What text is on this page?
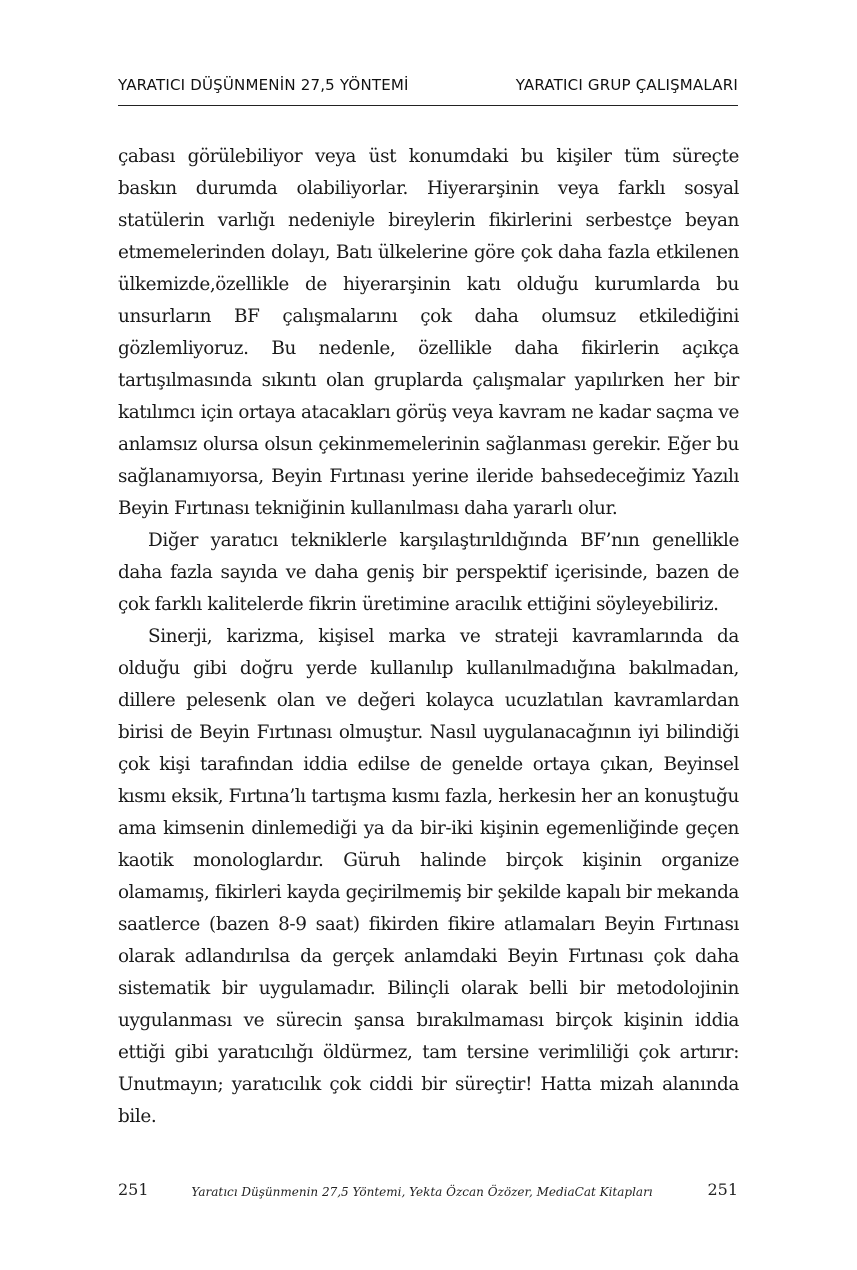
YARATICI DÜŞÜNMENİN 27,5 YÖNTEMİ	YARATICI GRUP ÇALIŞMALARI

çabası görülebiliyor veya üst konumdaki bu kişiler tüm süreçte baskın durumda olabiliyorlar. Hiyerarşinin veya farklı sosyal statülerin varlığı nedeniyle bireylerin fikirlerini serbestçe beyan etmemelerinden dolayı, Batı ülkelerine göre çok daha fazla etkilenen ülkemizde,özellikle de hiyerarşinin katı olduğu kurumlarda bu unsurların BF çalışmalarını çok daha olumsuz etkilediğini gözlemliyoruz. Bu nedenle, özellikle daha fikirlerin açıkça tartışılmasında sıkıntı olan gruplarda çalışmalar yapılırken her bir katılımcı için ortaya atacakları görüş veya kavram ne kadar saçma ve anlamsız olursa olsun çekinmemelerinin sağlanması gerekir. Eğer bu sağlanamıyorsa, Beyin Fırtınası yerine ileride bahsedeceğimiz Yazılı Beyin Fırtınası tekniğinin kullanılması daha yararlı olur.

Diğer yaratıcı tekniklerle karşılaştırıldığında BF’nın genellikle daha fazla sayıda ve daha geniş bir perspektif içerisinde, bazen de çok farklı kalitelerde fikrin üretimine aracılık ettiğini söyleyebiliriz.

Sinerji, karizma, kişisel marka ve strateji kavramlarında da olduğu gibi doğru yerde kullanılıp kullanılmadığına bakılmadan, dillere pelesenk olan ve değeri kolayca ucuzlatılan kavramlardan birisi de Beyin Fırtınası olmuştur. Nasıl uygulanacağının iyi bilindiği çok kişi tarafından iddia edilse de genelde ortaya çıkan, Beyinsel kısmı eksik, Fırtına’lı tartışma kısmı fazla, herkesin her an konuştuğu ama kimsenin dinlemediği ya da bir-iki kişinin egemenliğinde geçen kaotik monologlardır. Güruh halinde birçok kişinin organize olamamış, fikirleri kayda geçirilmemiş bir şekilde kapalı bir mekanda saatlerce (bazen 8-9 saat) fikirden fikire atlamaları Beyin Fırtınası olarak adlandırılsa da gerçek anlamdaki Beyin Fırtınası çok daha sistematik bir uygulamadır. Bilinçli olarak belli bir metodolojinin uygulanması ve sürecin şansa bırakılmaması birçok kişinin iddia ettiği gibi yaratıcılığı öldürmez, tam tersine verimliliği çok artırır: Unutmayın; yaratıcılık çok ciddi bir süreçtir! Hatta mizah alanında bile.

251	Yaratıcı Düşünmenin 27,5 Yöntemi, Yekta Özcan Özözer, MediaCat Kitapları	251
